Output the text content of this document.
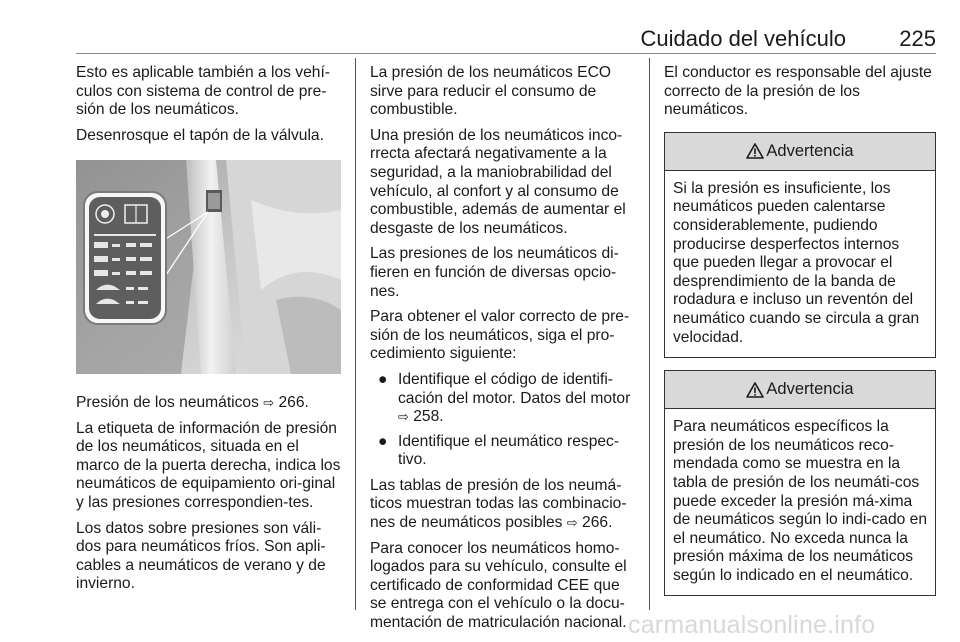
Cuidado del vehículo 225

Esto es aplicable también a los vehí-culos con sistema de control de pre-sión de los neumáticos.

Desenrosque el tapón de la válvula.

Presión de los neumáticos ⇨ 266.

La etiqueta de información de presión de los neumáticos, situada en el marco de la puerta derecha, indica los neumáticos de equipamiento ori-ginal y las presiones correspondien-tes.

Los datos sobre presiones son váli-dos para neumáticos fríos. Son apli-cables a neumáticos de verano y de invierno.

La presión de los neumáticos ECO sirve para reducir el consumo de combustible.

Una presión de los neumáticos inco-rrecta afectará negativamente a la seguridad, a la maniobrabilidad del vehículo, al confort y al consumo de combustible, además de aumentar el desgaste de los neumáticos.

Las presiones de los neumáticos di-fieren en función de diversas opcio-nes.

Para obtener el valor correcto de pre-sión de los neumáticos, siga el pro-cedimiento siguiente:

● Identifique el código de identifi-cación del motor. Datos del motor
⇨ 258.
● Identifique el neumático respec-tivo.

Las tablas de presión de los neumá-ticos muestran todas las combinacio-nes de neumáticos posibles ⇨ 266.

Para conocer los neumáticos homo-logados para su vehículo, consulte el certificado de conformidad CEE que se entrega con el vehículo o la docu-mentación de matriculación nacional.

El conductor es responsable del ajuste correcto de la presión de los neumáticos.

Advertencia
Si la presión es insuficiente, los neumáticos pueden calentarse considerablemente, pudiendo producirse desperfectos internos que pueden llegar a provocar el desprendimiento de la banda de rodadura e incluso un reventón del neumático cuando se circula a gran velocidad.
Advertencia
Para neumáticos específicos la presión de los neumáticos reco-mendada como se muestra en la tabla de presión de los neumáti-cos puede exceder la presión má-xima de neumáticos según lo indi-cado en el neumático. No exceda nunca la presión máxima de los neumáticos según lo indicado en el neumático.
carmanualsonline.info
